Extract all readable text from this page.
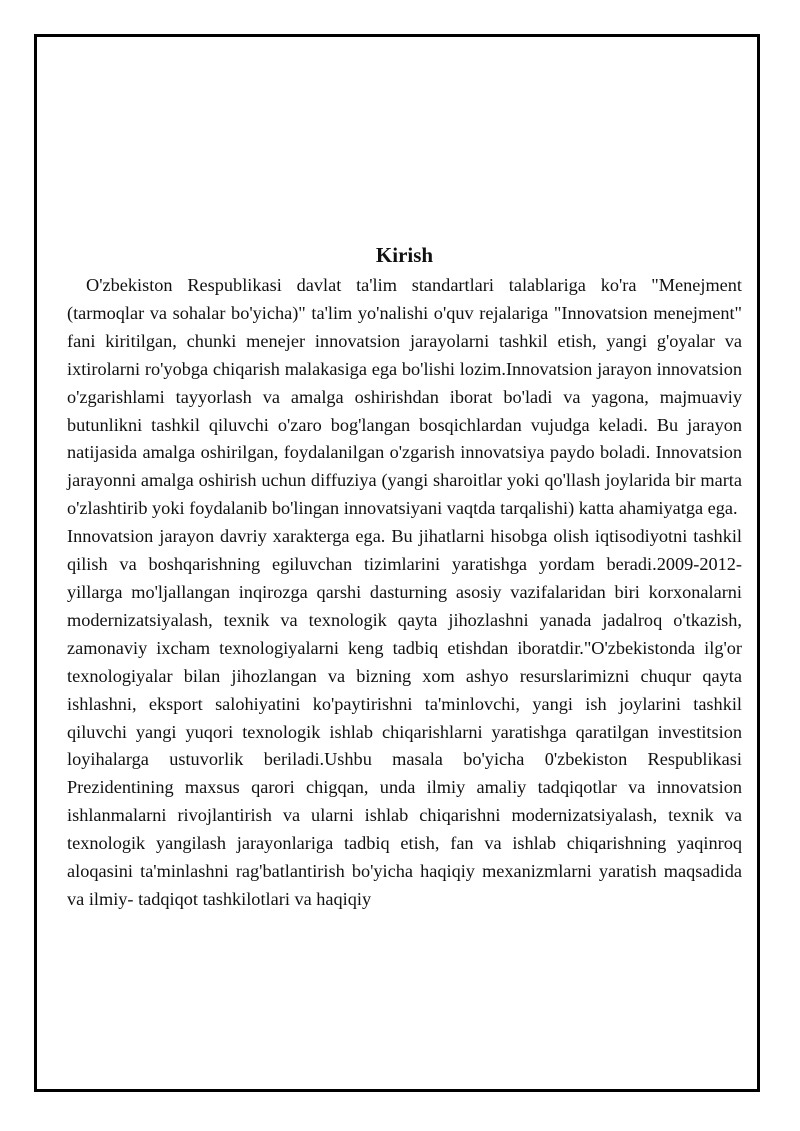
Kirish

O'zbekiston Respublikasi davlat ta'lim standartlari talablariga ko'ra "Menejment (tarmoqlar va sohalar bo'yicha)" ta'lim yo'nalishi o'quv rejalariga "Innovatsion menejment" fani kiritilgan, chunki menejer innovatsion jarayolarni tashkil etish, yangi g'oyalar va ixtirolarni ro'yobga chiqarish malakasiga ega bo'lishi lozim.Innovatsion jarayon innovatsion o'zgarishlami tayyorlash va amalga oshirishdan iborat bo'ladi va yagona, majmuaviy butunlikni tashkil qiluvchi o'zaro bog'langan bosqichlardan vujudga keladi. Bu jarayon natijasida amalga oshirilgan, foydalanilgan o'zgarish innovatsiya paydo boladi. Innovatsion jarayonni amalga oshirish uchun diffuziya (yangi sharoitlar yoki qo'llash joylarida bir marta o'zlashtirib yoki foydalanib bo'lingan innovatsiyani vaqtda tarqalishi) katta ahamiyatga ega.

Innovatsion jarayon davriy xarakterga ega. Bu jihatlarni hisobga olish iqtisodiyotni tashkil qilish va boshqarishning egiluvchan tizimlarini yaratishga yordam beradi.2009-2012-yillarga mo'ljallangan inqirozga qarshi dasturning asosiy vazifalaridan biri korxonalarni modernizatsiyalash, texnik va texnologik qayta jihozlashni yanada jadalroq o'tkazish, zamonaviy ixcham texnologiyalarni keng tadbiq etishdan iboratdir."O'zbekistonda ilg'or texnologiyalar bilan jihozlangan va bizning xom ashyo resurslarimizni chuqur qayta ishlashni, eksport salohiyatini ko'paytirishni ta'minlovchi, yangi ish joylarini tashkil qiluvchi yangi yuqori texnologik ishlab chiqarishlarni yaratishga qaratilgan investitsion loyihalarga ustuvorlik beriladi.Ushbu masala bo'yicha 0'zbekiston Respublikasi Prezidentining maxsus qarori chigqan, unda ilmiy amaliy tadqiqotlar va innovatsion ishlanmalarni rivojlantirish va ularni ishlab chiqarishni modernizatsiyalash, texnik va texnologik yangilash jarayonlariga tadbiq etish, fan va ishlab chiqarishning yaqinroq aloqasini ta'minlashni rag'batlantirish bo'yicha haqiqiy mexanizmlarni yaratish maqsadida va ilmiy- tadqiqot tashkilotlari va haqiqiy
